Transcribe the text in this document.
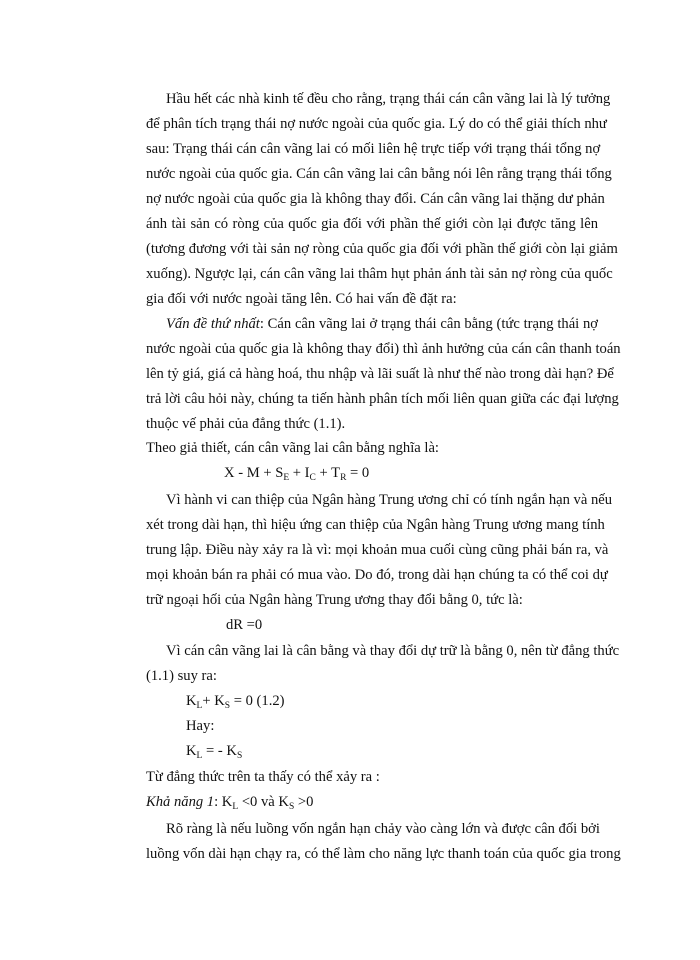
Hầu hết các nhà kinh tế đều cho rằng, trạng thái cán cân vãng lai là lý tưởng
để phân tích trạng thái nợ nước ngoài của quốc gia. Lý do có thể giải thích như
sau: Trạng thái cán cân vãng lai có mối liên hệ trực tiếp với trạng thái tổng nợ
nước ngoài của quốc gia. Cán cân vãng lai cân bằng nói lên rằng trạng thái tổng
nợ nước ngoài của quốc gia là không thay đổi. Cán cân vãng lai thặng dư phản
ánh tài sản có ròng của quốc gia đối với phần thế giới còn lại được tăng lên
(tương đương với tài sản nợ ròng của quốc gia đối với phần thế giới còn lại giảm
xuống). Ngược lại, cán cân vãng lai thâm hụt phản ánh tài sản nợ ròng của quốc
gia đối với nước ngoài tăng lên. Có hai vấn đề đặt ra:
Vấn đề thứ nhất: Cán cân vãng lai ở trạng thái cân bằng (tức trạng thái nợ
nước ngoài của quốc gia là không thay đổi) thì ảnh hưởng của cán cân thanh toán
lên tỷ giá, giá cả hàng hoá, thu nhập và lãi suất là như thế nào trong dài hạn? Để
trả lời câu hỏi này, chúng ta tiến hành phân tích mối liên quan giữa các đại lượng
thuộc vế phải của đẳng thức (1.1).
Theo giả thiết, cán cân vãng lai cân bằng nghĩa là:
$X - M + S_E + I_C + T_R = 0$
Vì hành vi can thiệp của Ngân hàng Trung ương chỉ có tính ngắn hạn và nếu
xét trong dài hạn, thì hiệu ứng can thiệp của Ngân hàng Trung ương mang tính
trung lập. Điều này xảy ra là vì: mọi khoản mua cuối cùng cũng phải bán ra, và
mọi khoản bán ra phải có mua vào. Do đó, trong dài hạn chúng ta có thể coi dự
trữ ngoại hối của Ngân hàng Trung ương thay đổi bằng 0, tức là:
dR =0
Vì cán cân vãng lai là cân bằng và thay đổi dự trữ là bằng 0, nên từ đẳng thức
(1.1) suy ra:
$K_L+ K_S = 0$ (1.2)
Hay:
$K_L$ = - $K_S$
Từ đẳng thức trên ta thấy có thể xảy ra :
Khả năng 1: $K_L <0$ và $K_S >0$
Rõ ràng là nếu luồng vốn ngắn hạn chảy vào càng lớn và được cân đối bởi
luồng vốn dài hạn chạy ra, có thể làm cho năng lực thanh toán của quốc gia trong
